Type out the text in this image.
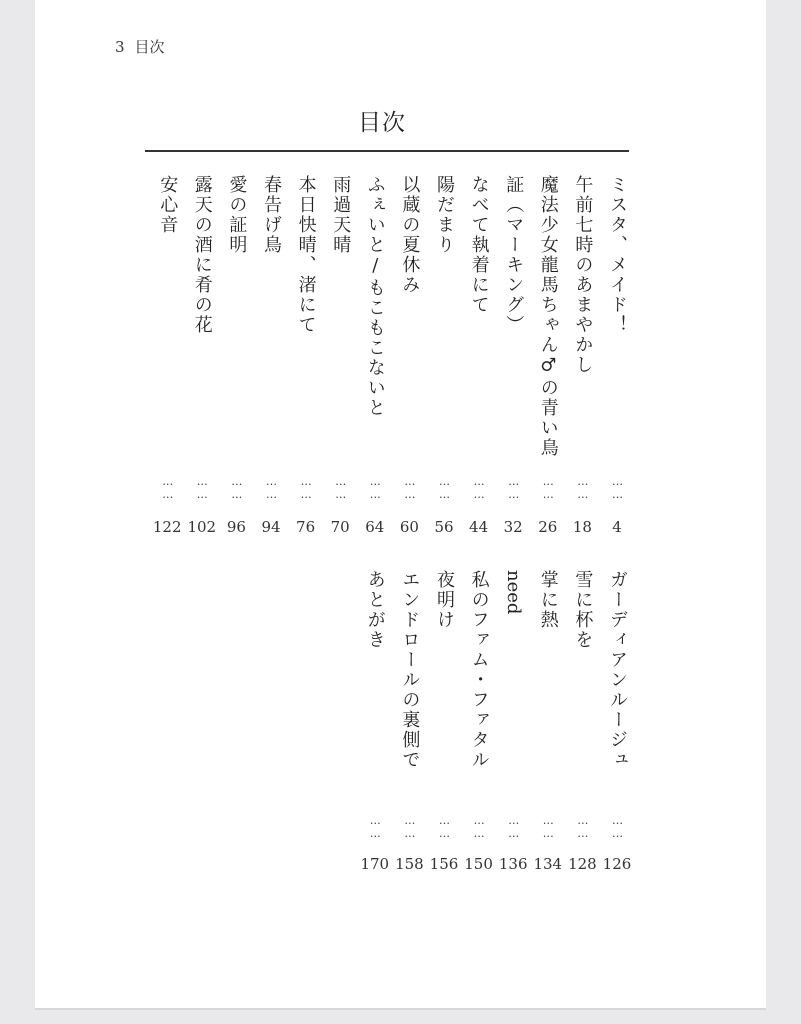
3 目次
目次
ミスタ、メイド！
……
4
午前七時のあまやかし
……
18
魔法少女龍馬ちゃん♂の青い鳥
……
26
証（マーキング）
……
32
なべて執着にて
……
44
陽だまり
……
56
以蔵の夏休み
……
60
ふぇいと/もこもこないと
……
64
雨過天晴
……
70
本日快晴、渚にて
……
76
春告げ鳥
……
94
愛の証明
……
96
露天の酒に肴の花
……
102
安心音
……
122
ガーディアンルージュ
……
126
雪に杯を
……
128
掌に熱
……
134
need
……
136
私のファム・ファタル
……
150
夜明け
……
156
エンドロールの裏側で
……
158
あとがき
……
170
